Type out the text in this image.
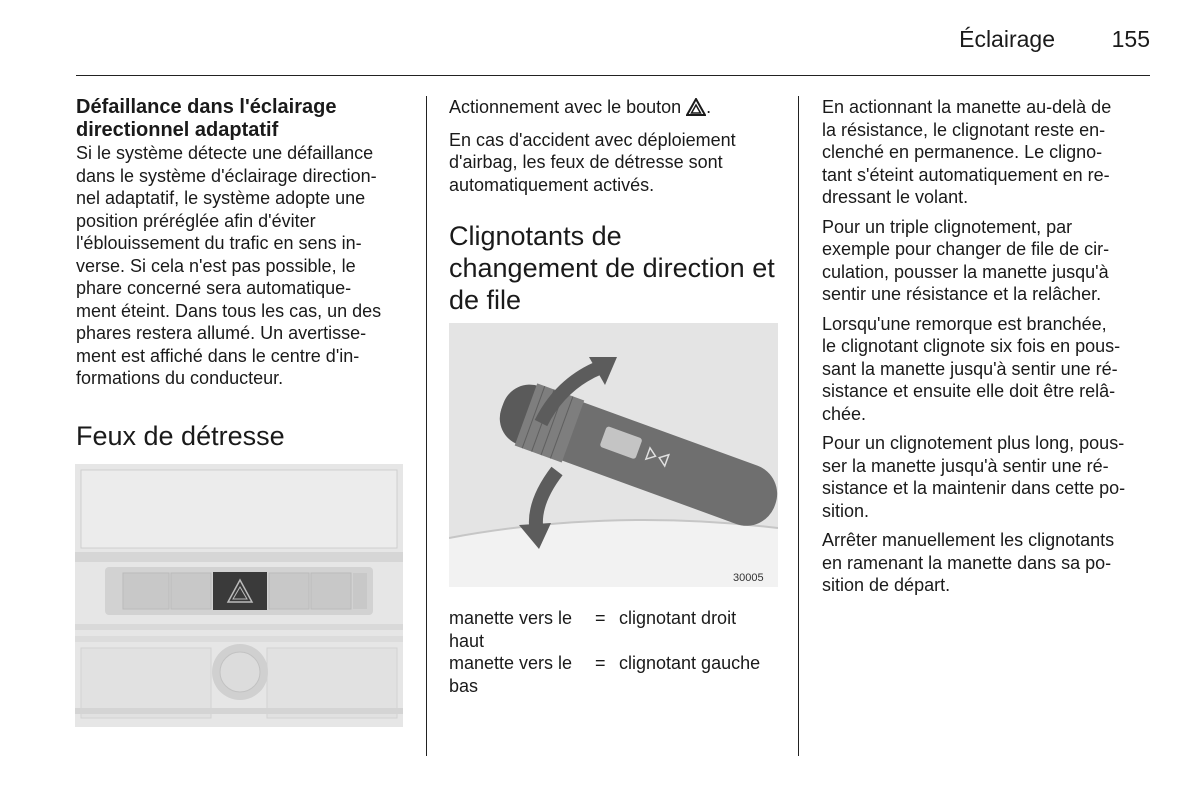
Éclairage	155

Défaillance dans l'éclairage directionnel adaptatif

Si le système détecte une défaillance
dans le système d'éclairage direction-
nel adaptatif, le système adopte une
position préréglée afin d'éviter
l'éblouissement du trafic en sens in-
verse. Si cela n'est pas possible, le
phare concerné sera automatique-
ment éteint. Dans tous les cas, un des
phares restera allumé. Un avertisse-
ment est affiché dans le centre d'in-
formations du conducteur.

Feux de détresse

Actionnement avec le bouton .

En cas d'accident avec déploiement
d'airbag, les feux de détresse sont
automatiquement activés.

Clignotants de
changement de direction et
de file

30005
manette vers le haut
= clignotant droit
manette vers le bas
= clignotant gauche

En actionnant la manette au-delà de
la résistance, le clignotant reste en-
clenché en permanence. Le cligno-
tant s'éteint automatiquement en re-
dressant le volant.

Pour un triple clignotement, par
exemple pour changer de file de cir-
culation, pousser la manette jusqu'à
sentir une résistance et la relâcher.

Lorsqu'une remorque est branchée,
le clignotant clignote six fois en pous-
sant la manette jusqu'à sentir une ré-
sistance et ensuite elle doit être relâ-
chée.

Pour un clignotement plus long, pous-
ser la manette jusqu'à sentir une ré-
sistance et la maintenir dans cette po-
sition.

Arrêter manuellement les clignotants
en ramenant la manette dans sa po-
sition de départ.
